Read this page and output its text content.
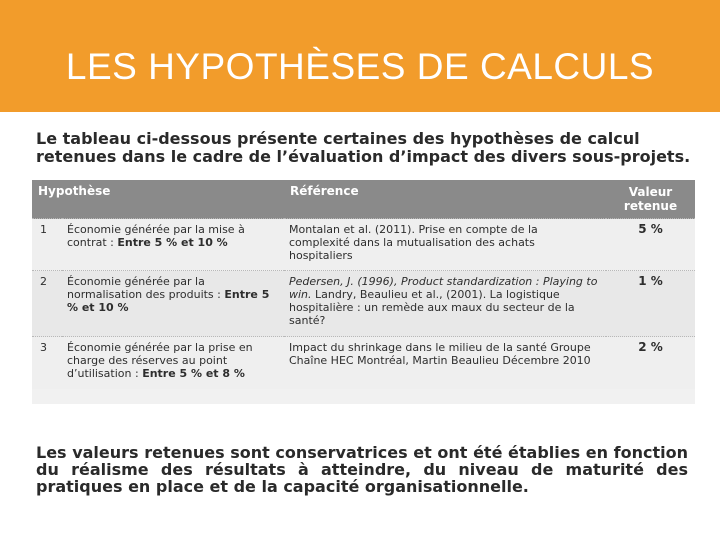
LES HYPOTHÈSES DE CALCULS
Le tableau ci-dessous présente certaines des hypothèses de calcul retenues dans le cadre de l’évaluation d’impact des divers sous-projets.
Hypothèse		Référence	Valeur retenue
1	Économie générée par la mise à contrat : Entre 5 % et 10 %	Montalan et al. (2011). Prise en compte de la complexité dans la mutualisation des achats hospitaliers	5 %
2	Économie générée par la normalisation des produits : Entre 5 % et 10 %	Pedersen, J. (1996), Product standardization : Playing to win. Landry, Beaulieu et al., (2001). La logistique hospitalière : un remède aux maux du secteur de la santé?	1 %
3	Économie générée par la prise en charge des réserves au point d’utilisation : Entre 5 % et 8 %	Impact du shrinkage dans le milieu de la santé Groupe Chaîne HEC Montréal, Martin Beaulieu Décembre 2010	2 %
Les valeurs retenues sont conservatrices et ont été établies en fonction du réalisme des résultats à atteindre, du niveau de maturité des pratiques en place et de la capacité organisationnelle.
